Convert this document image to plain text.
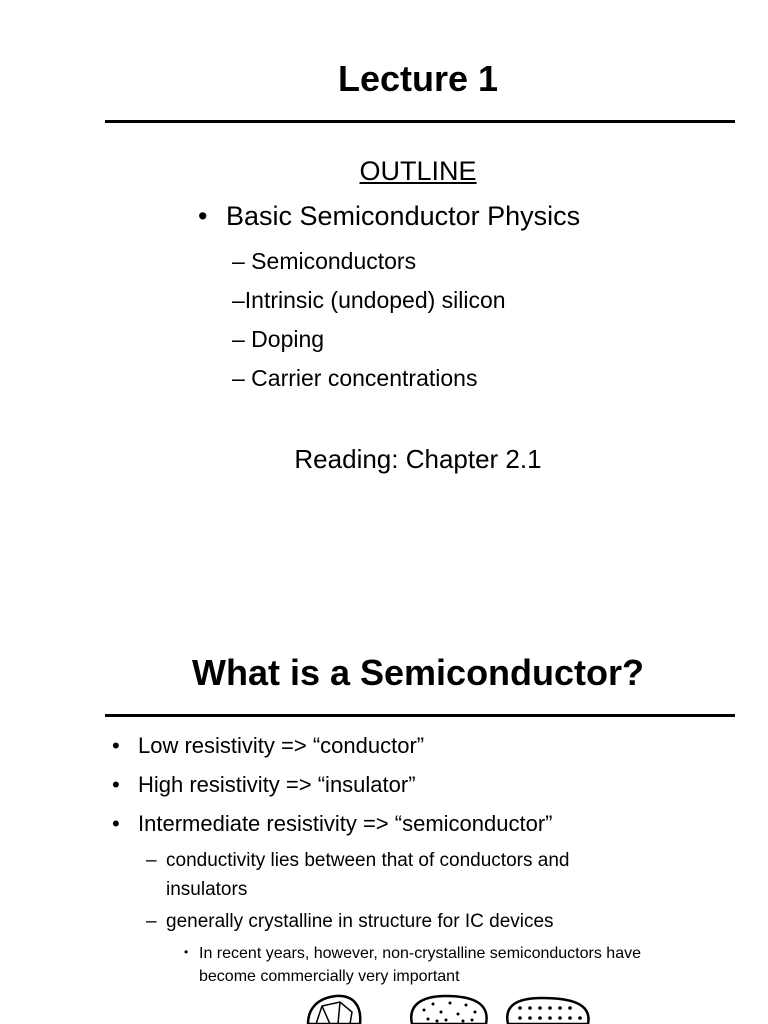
Lecture 1
OUTLINE
• Basic Semiconductor Physics
– Semiconductors
–Intrinsic (undoped) silicon
– Doping
– Carrier concentrations
Reading: Chapter 2.1
What is a Semiconductor?
• Low resistivity => “conductor”
• High resistivity => “insulator”
• Intermediate resistivity => “semiconductor”
– conductivity lies between that of conductors and
insulators
– generally crystalline in structure for IC devices
• In recent years, however, non-crystalline semiconductors have
become commercially very important
